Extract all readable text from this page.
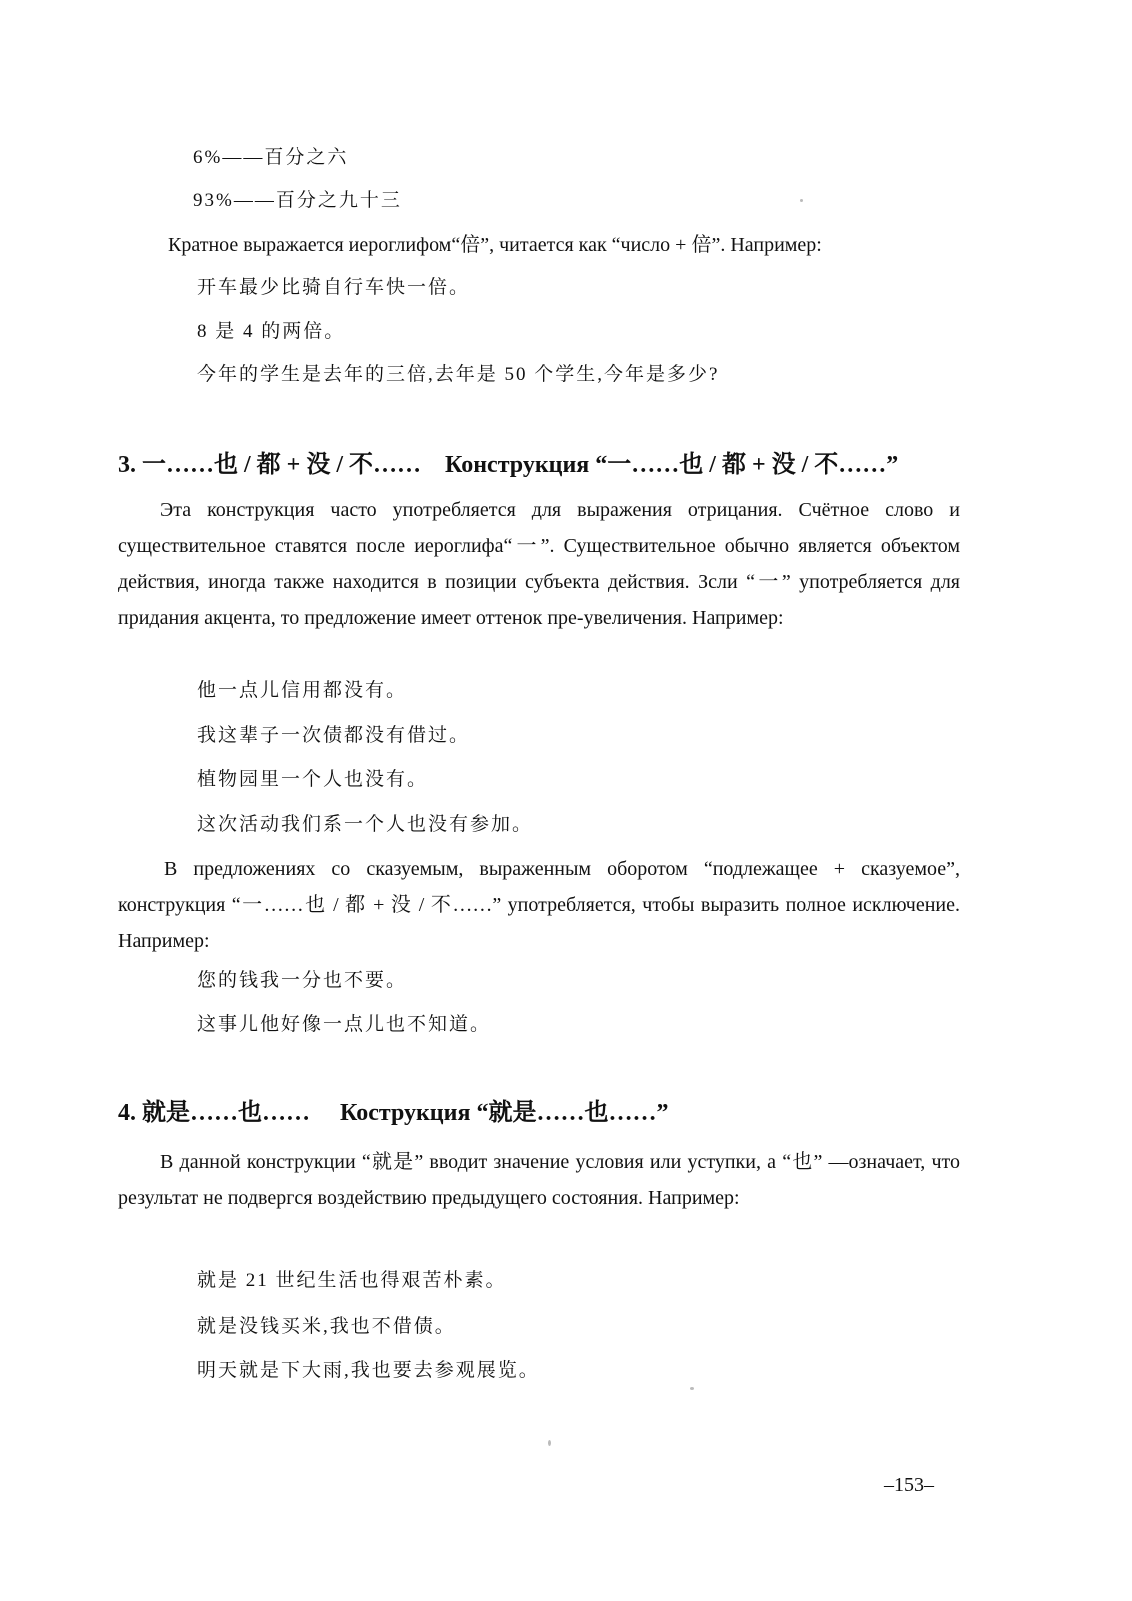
6%——百分之六
93%——百分之九十三
Кратное выражается иероглифом“倍”, читается как “число + 倍”. Например:
开车最少比骑自行车快一倍。
8 是 4 的两倍。
今年的学生是去年的三倍,去年是 50 个学生,今年是多少?
3. 一……也 / 都 + 没 / 不…… Конструкция “一……也 / 都 + 没 / 不……”
Эта конструкция часто употребляется для выражения отрицания. Счётное слово и существительное ставятся после иероглифа“一”. Существительное обычно является объектом действия, иногда также находится в позиции субъекта действия. Зсли “一” употребляется для придания акцента, то предложение имеет оттенок пре-увеличения. Например:
他一点儿信用都没有。
我这辈子一次债都没有借过。
植物园里一个人也没有。
这次活动我们系一个人也没有参加。
В предложениях со сказуемым, выраженным оборотом “подлежащее + сказуемое”, конструкция “一……也 / 都 + 没 / 不……” употребляется, чтобы выразить полное исключение. Например:
您的钱我一分也不要。
这事儿他好像一点儿也不知道。
4. 就是……也…… Кострукция “就是……也……”
В данной конструкции “就是” вводит значение условия или уступки, а “也” —означает, что результат не подвергся воздействию предыдущего состояния. Например:
就是 21 世纪生活也得艰苦朴素。
就是没钱买米,我也不借债。
明天就是下大雨,我也要去参观展览。
–153–
